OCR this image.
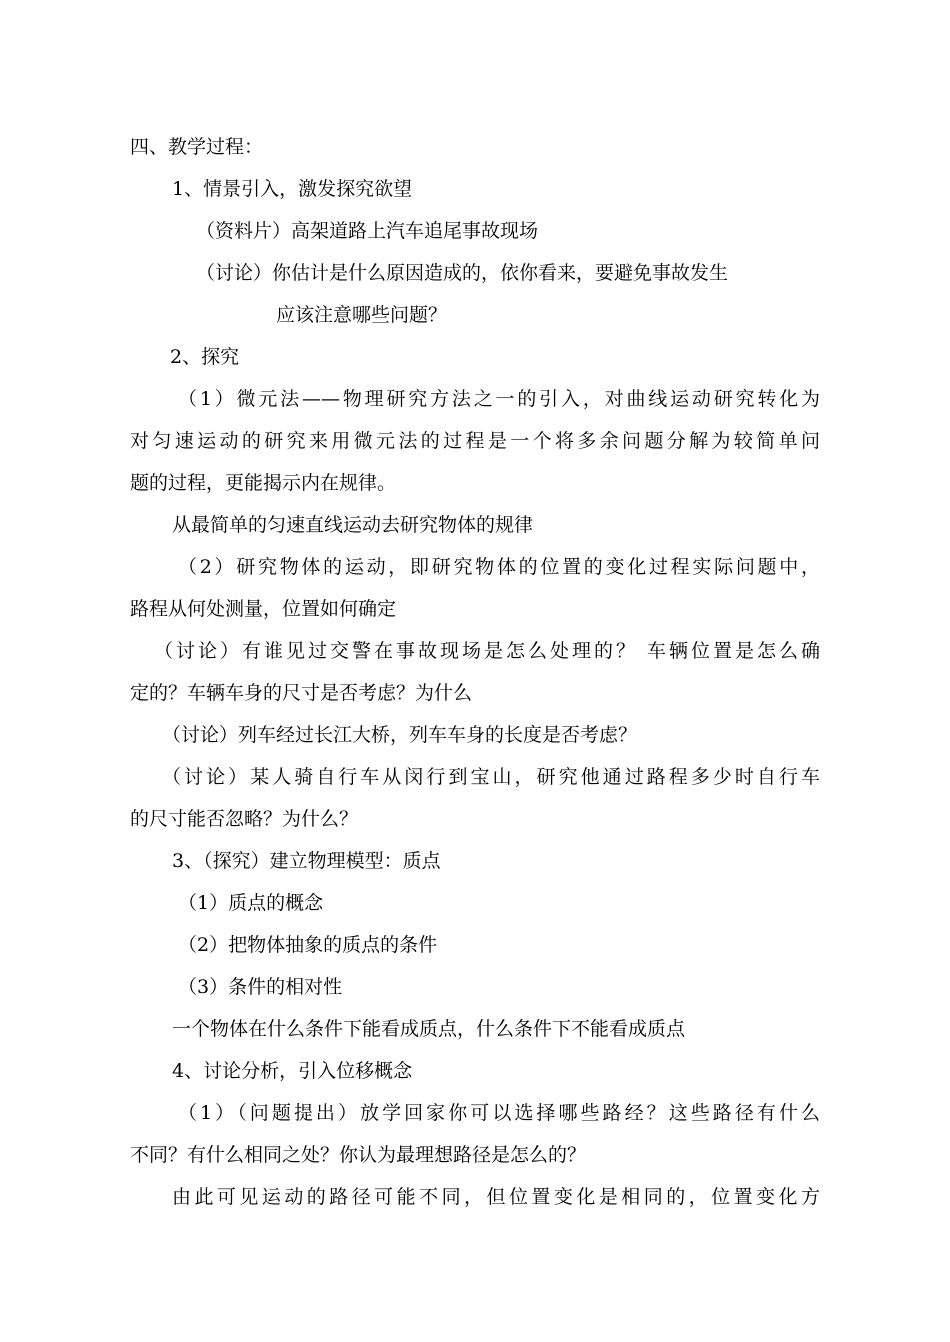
四、教学过程：
1、情景引入，激发探究欲望
（资料片）高架道路上汽车追尾事故现场
（讨论）你估计是什么原因造成的，依你看来，要避免事故发生
应该注意哪些问题？
2、探究
（1）微元法——物理研究方法之一的引入，对曲线运动研究转化为
对匀速运动的研究来用微元法的过程是一个将多余问题分解为较简单问
题的过程，更能揭示内在规律。
从最简单的匀速直线运动去研究物体的规律
（2）研究物体的运动，即研究物体的位置的变化过程实际问题中，
路程从何处测量，位置如何确定
（讨论）有谁见过交警在事故现场是怎么处理的？ 车辆位置是怎么确
定的？车辆车身的尺寸是否考虑？为什么
（讨论）列车经过长江大桥，列车车身的长度是否考虑？
（讨论）某人骑自行车从闵行到宝山，研究他通过路程多少时自行车
的尺寸能否忽略？为什么？
3、（探究）建立物理模型：质点
（1）质点的概念
（2）把物体抽象的质点的条件
（3）条件的相对性
一个物体在什么条件下能看成质点，什么条件下不能看成质点
4、讨论分析，引入位移概念
（1）（问题提出）放学回家你可以选择哪些路经？这些路径有什么
不同？有什么相同之处？你认为最理想路径是怎么的？
由此可见运动的路径可能不同，但位置变化是相同的，位置变化方
